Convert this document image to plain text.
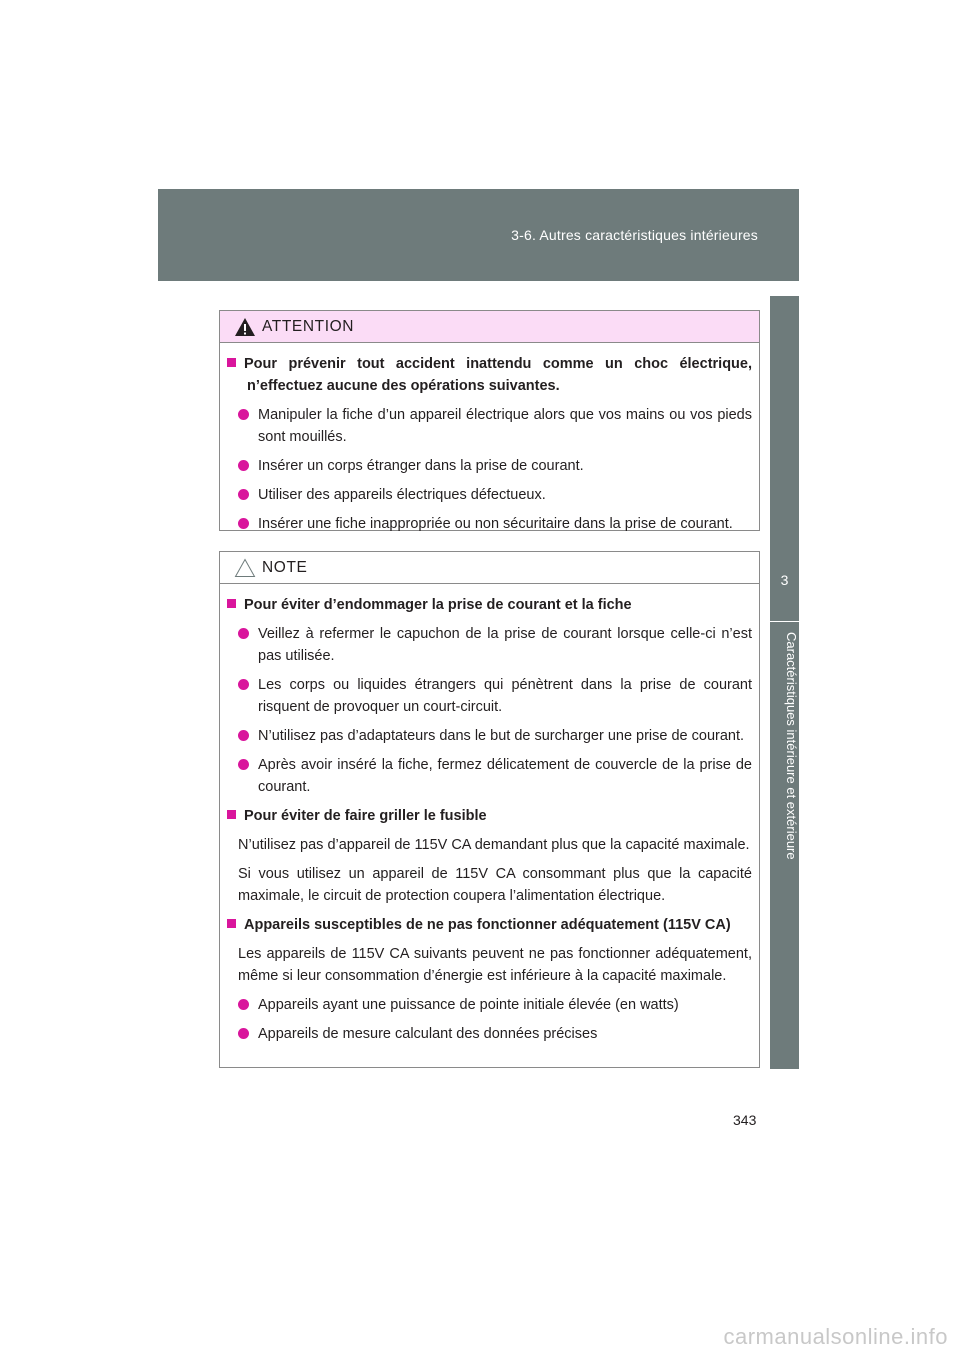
3-6. Autres caractéristiques intérieures
3
Caractéristiques intérieure et extérieure
ATTENTION

Pour prévenir tout accident inattendu comme un choc électrique, n’effectuez aucune des opérations suivantes.

Manipuler la fiche d’un appareil électrique alors que vos mains ou vos pieds sont mouillés.

Insérer un corps étranger dans la prise de courant.

Utiliser des appareils électriques défectueux.

Insérer une fiche inappropriée ou non sécuritaire dans la prise de courant.

NOTE

Pour éviter d’endommager la prise de courant et la fiche

Veillez à refermer le capuchon de la prise de courant lorsque celle-ci n’est pas utilisée.

Les corps ou liquides étrangers qui pénètrent dans la prise de courant risquent de provoquer un court-circuit.

N’utilisez pas d’adaptateurs dans le but de surcharger une prise de courant.

Après avoir inséré la fiche, fermez délicatement de couvercle de la prise de courant.

Pour éviter de faire griller le fusible

N’utilisez pas d’appareil de 115V CA demandant plus que la capacité maximale.

Si vous utilisez un appareil de 115V CA consommant plus que la capacité maximale, le circuit de protection coupera l’alimentation électrique.

Appareils susceptibles de ne pas fonctionner adéquatement (115V CA)

Les appareils de 115V CA suivants peuvent ne pas fonctionner adéquatement, même si leur consommation d’énergie est inférieure à la capacité maximale.

Appareils ayant une puissance de pointe initiale élevée (en watts)

Appareils de mesure calculant des données précises

343
carmanualsonline.info
